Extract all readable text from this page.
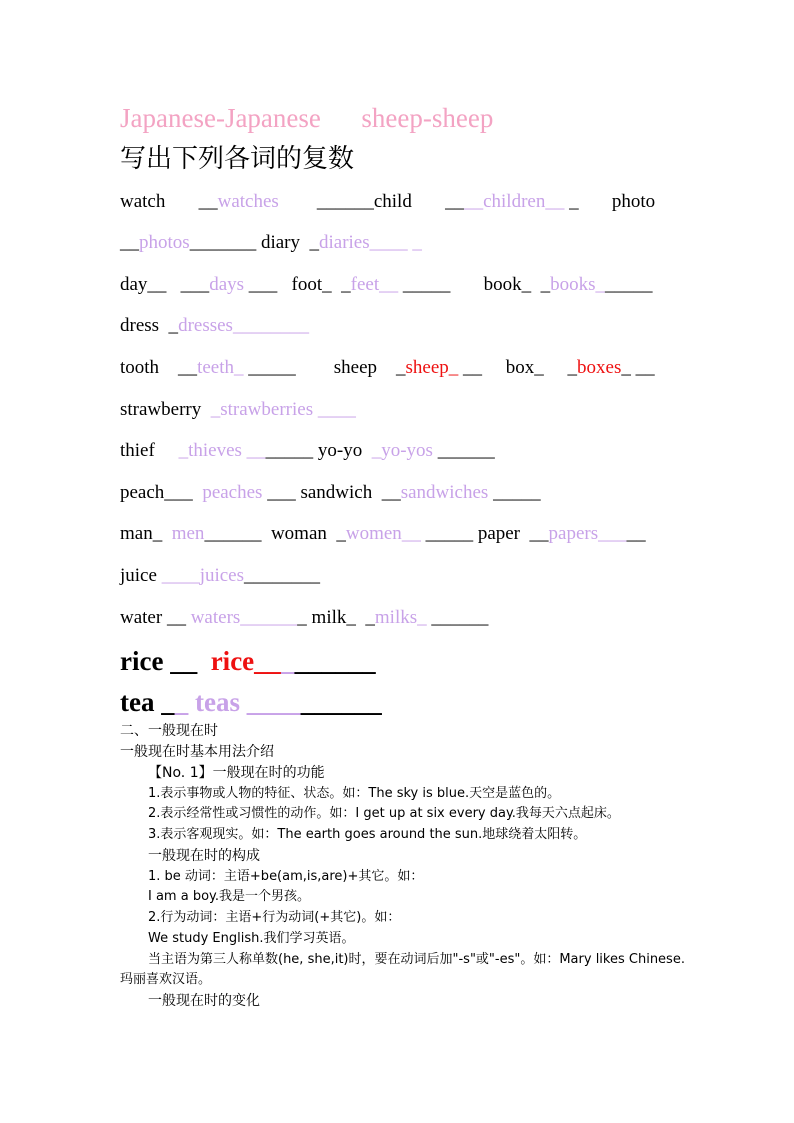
Japanese-Japanese sheep-sheep
写出下列各词的复数
watch __watches ______child ____children__ _ photo
__photos_______ diary  _diaries____ _
day__   ___days ___   foot_  _feet__ _____ book_  _books______
dress  _dresses________
tooth    __teeth_ _____ sheep    _sheep_ __ box_     _boxes_ __
strawberry  _strawberries ____
thief     _thieves _______ yo-yo  _yo-yos ______
peach___  peaches ___ sandwich  __sandwiches _____
man_  men______  woman  _women__ _____ paper  __papers_____
juice ____juices________
water __ waters_______ milk_  _milks_ ______
rice __  rice_________
tea __ teas __________
二、一般现在时
一般现在时基本用法介绍
【No. 1】一般现在时的功能
1.表示事物或人物的特征、状态。如：The sky is blue.天空是蓝色的。
2.表示经常性或习惯性的动作。如：I get up at six every day.我每天六点起床。
3.表示客观现实。如：The earth goes around the sun.地球绕着太阳转。
一般现在时的构成
1. be 动词：主语+be(am,is,are)+其它。如：
I am a boy.我是一个男孩。
2.行为动词：主语+行为动词(+其它)。如：
We study English.我们学习英语。
当主语为第三人称单数(he, she,it)时，要在动词后加"-s"或"-es"。如：Mary likes Chinese.
玛丽喜欢汉语。
一般现在时的变化
